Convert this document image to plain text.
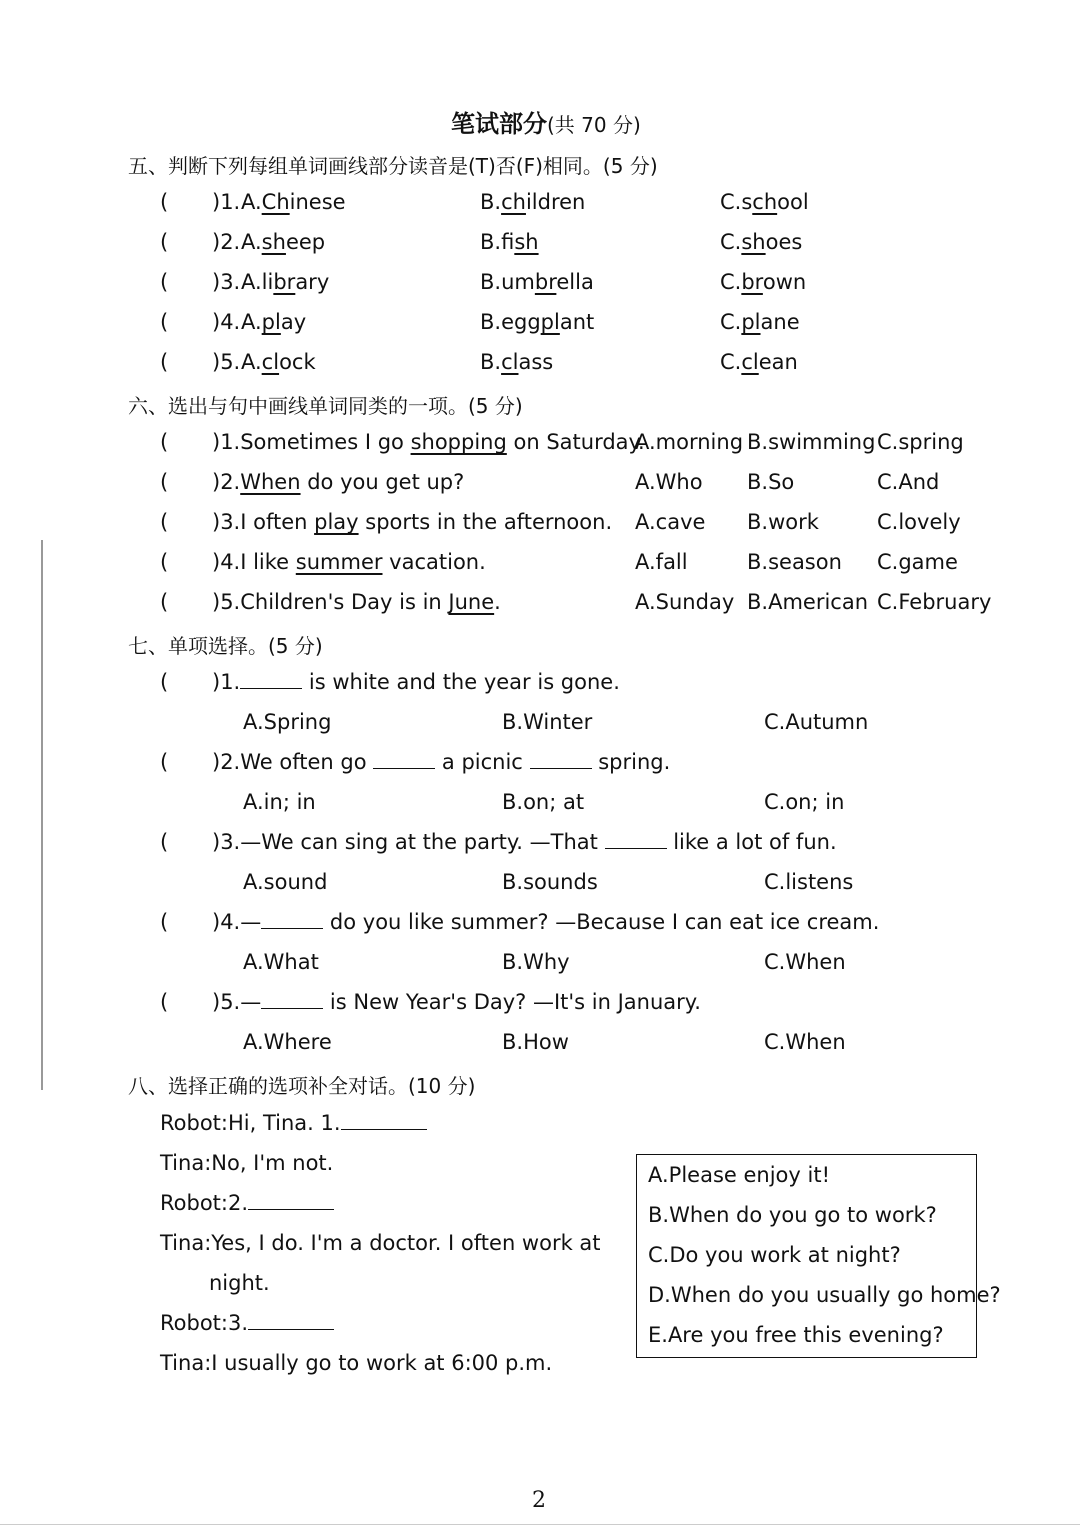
笔试部分(共 70 分)
五、判断下列每组单词画线部分读音是(T)否(F)相同。(5 分)
( )1. A.Chinese	B.children	C.school
( )2. A.sheep	B.fish	C.shoes
( )3. A.library	B.umbrella	C.brown
( )4. A.play	B.eggplant	C.plane
( )5. A.clock	B.class	C.clean
六、选出与句中画线单词同类的一项。(5 分)
( )1.Sometimes I go shopping on Saturday.
A.morning B.swimming C.spring
( )2.When do you get up?	A.Who B.So	C.And
( )3.I often play sports in the afternoon. A.cave B.work	C.lovely
( )4.I like summer vacation.	A.fall	B.season C.game
( )5.Children's Day is in June.	A.Sunday B.American C.February
七、单项选择。(5 分)
( )1.	is white and the year is gone.
A.Spring	B.Winter	C.Autumn
( )2.We often go	a picnic	spring.
A.in; in	B.on; at	C.on; in
( )3.—We can sing at the party. —That	like a lot of fun.
A.sound	B.sounds	C.listens
( )4.—	do you like summer? —Because I can eat ice cream.
A.What	B.Why	C.When
( )5.—	is New Year's Day? —It's in January.
A.Where	B.How	C.When
八、选择正确的选项补全对话。(10 分)
Robot:Hi, Tina. 1.
Tina:No, I'm not.
Robot:2.
Tina:Yes, I do. I'm a doctor. I often work at
night.
Robot:3.
Tina:I usually go to work at 6:00 p.m.
A.Please enjoy it!
B.When do you go to work?
C.Do you work at night?
D.When do you usually go home?
E.Are you free this evening?
2
